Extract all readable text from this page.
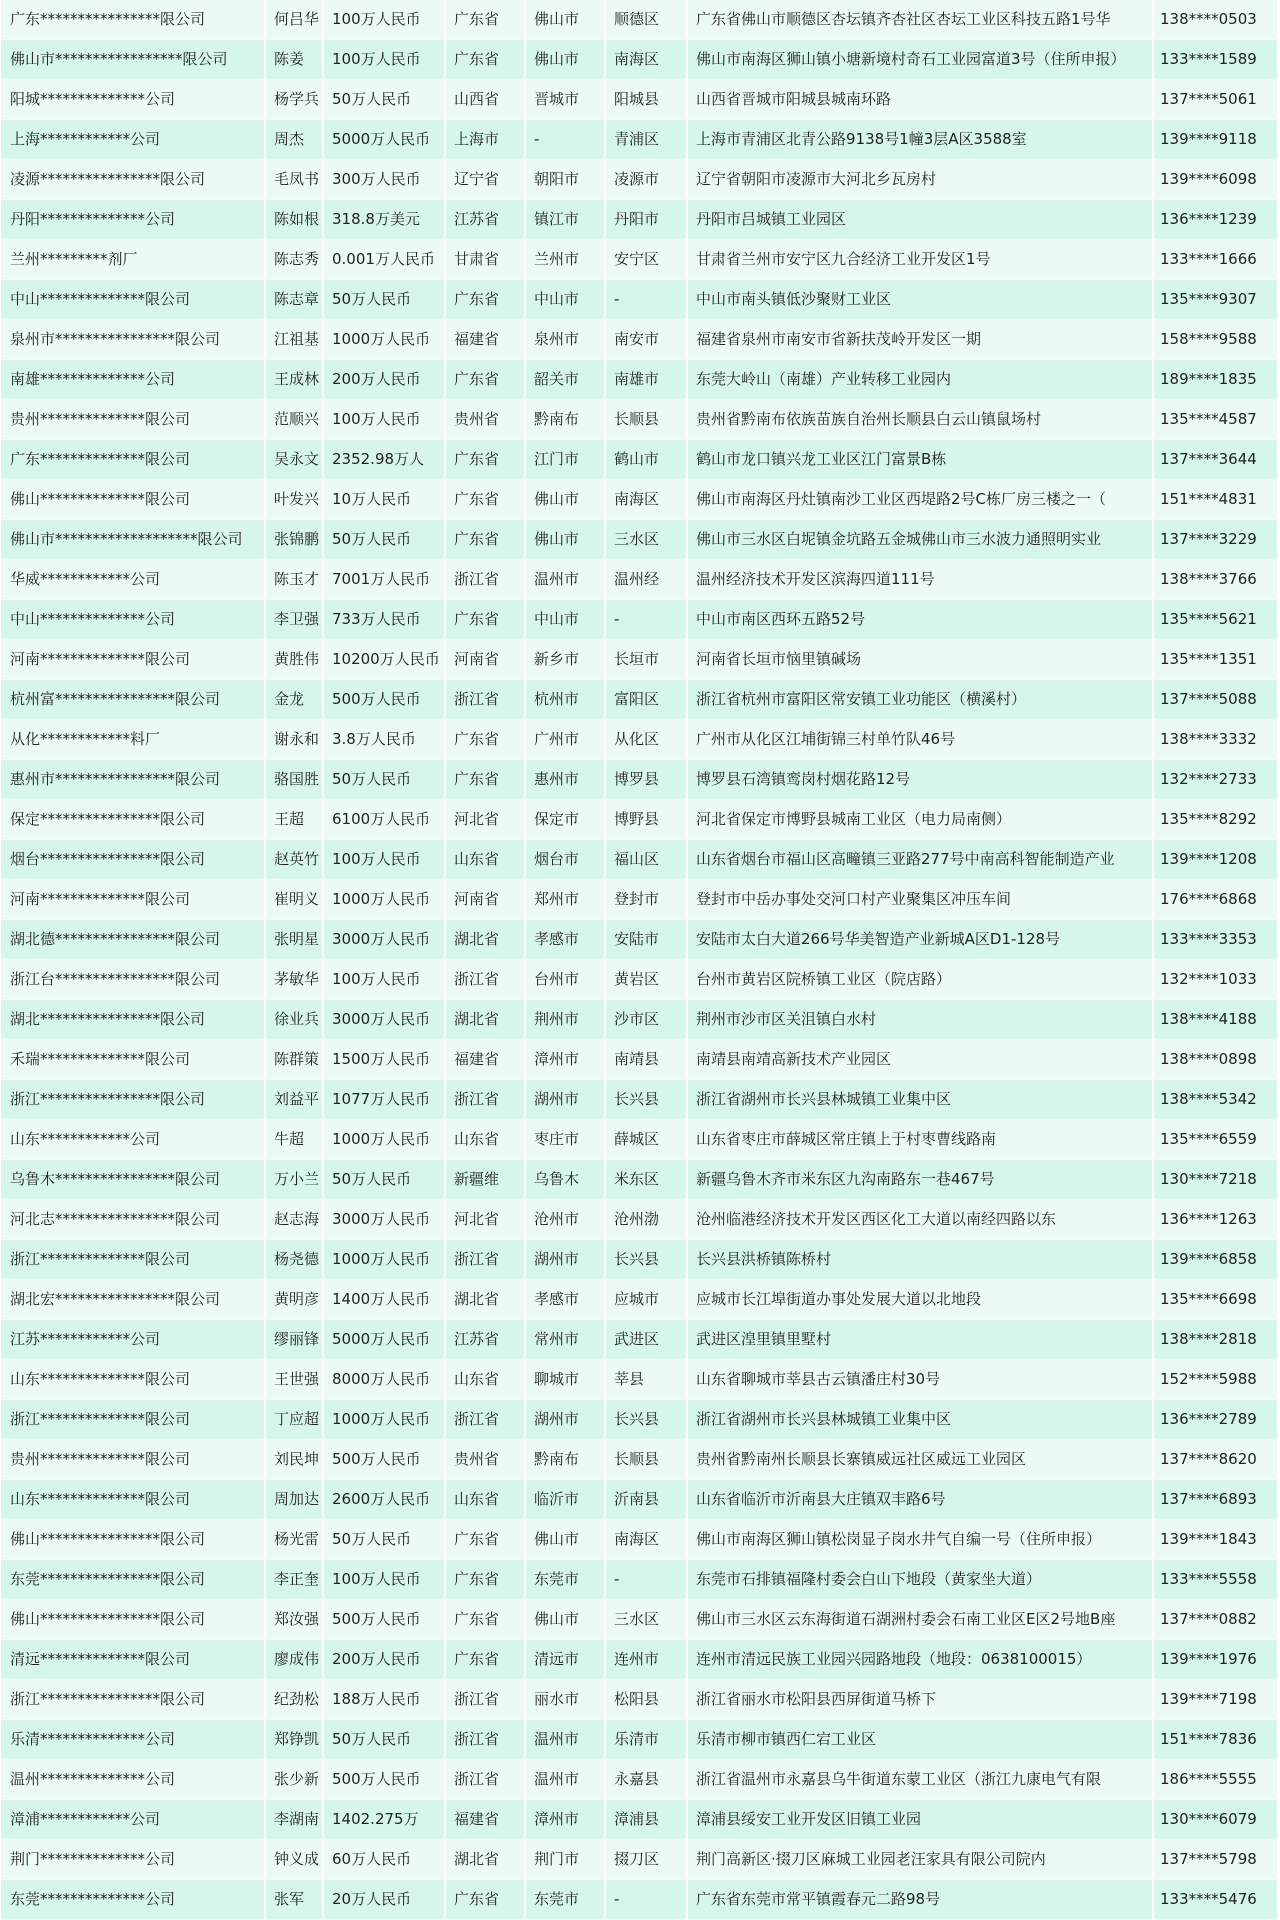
广东****************限公司	何吕华	100万人民币	广东省	佛山市	顺德区	广东省佛山市顺德区杏坛镇齐杏社区杏坛工业区科技五路1号华	138****0503
佛山市*****************限公司	陈姜	100万人民币	广东省	佛山市	南海区	佛山市南海区狮山镇小塘新境村奇石工业园富道3号（住所申报）	133****1589
阳城**************公司	杨学兵	50万人民币	山西省	晋城市	阳城县	山西省晋城市阳城县城南环路	137****5061
上海************公司	周杰	5000万人民币	上海市	-	青浦区	上海市青浦区北青公路9138号1幢3层A区3588室	139****9118
凌源****************限公司	毛凤书	300万人民币	辽宁省	朝阳市	凌源市	辽宁省朝阳市凌源市大河北乡瓦房村	139****6098
丹阳**************公司	陈如根	318.8万美元	江苏省	镇江市	丹阳市	丹阳市吕城镇工业园区	136****1239
兰州*********剂厂	陈志秀	0.001万人民币	甘肃省	兰州市	安宁区	甘肃省兰州市安宁区九合经济工业开发区1号	133****1666
中山**************限公司	陈志章	50万人民币	广东省	中山市	-	中山市南头镇低沙聚财工业区	135****9307
泉州市****************限公司	江祖基	1000万人民币	福建省	泉州市	南安市	福建省泉州市南安市省新扶茂岭开发区一期	158****9588
南雄**************公司	王成林	200万人民币	广东省	韶关市	南雄市	东莞大岭山（南雄）产业转移工业园内	189****1835
贵州**************限公司	范顺兴	100万人民币	贵州省	黔南布	长顺县	贵州省黔南布依族苗族自治州长顺县白云山镇鼠场村	135****4587
广东**************限公司	吴永文	2352.98万人	广东省	江门市	鹤山市	鹤山市龙口镇兴龙工业区江门富景B栋	137****3644
佛山**************限公司	叶发兴	10万人民币	广东省	佛山市	南海区	佛山市南海区丹灶镇南沙工业区西堤路2号C栋厂房三楼之一（	151****4831
佛山市*******************限公司	张锦鹏	50万人民币	广东省	佛山市	三水区	佛山市三水区白坭镇金坑路五金城佛山市三水波力通照明实业	137****3229
华威************公司	陈玉才	7001万人民币	浙江省	温州市	温州经	温州经济技术开发区滨海四道111号	138****3766
中山**************公司	李卫强	733万人民币	广东省	中山市	-	中山市南区西环五路52号	135****5621
河南**************限公司	黄胜伟	10200万人民币	河南省	新乡市	长垣市	河南省长垣市恼里镇碱场	135****1351
杭州富****************限公司	金龙	500万人民币	浙江省	杭州市	富阳区	浙江省杭州市富阳区常安镇工业功能区（横溪村）	137****5088
从化************料厂	谢永和	3.8万人民币	广东省	广州市	从化区	广州市从化区江埔街锦三村单竹队46号	138****3332
惠州市****************限公司	骆国胜	50万人民币	广东省	惠州市	博罗县	博罗县石湾镇鸾岗村烟花路12号	132****2733
保定****************限公司	王超	6100万人民币	河北省	保定市	博野县	河北省保定市博野县城南工业区（电力局南侧）	135****8292
烟台****************限公司	赵英竹	100万人民币	山东省	烟台市	福山区	山东省烟台市福山区高疃镇三亚路277号中南高科智能制造产业	139****1208
河南**************限公司	崔明义	1000万人民币	河南省	郑州市	登封市	登封市中岳办事处交河口村产业聚集区冲压车间	176****6868
湖北德****************限公司	张明星	3000万人民币	湖北省	孝感市	安陆市	安陆市太白大道266号华美智造产业新城A区D1-128号	133****3353
浙江台****************限公司	茅敏华	100万人民币	浙江省	台州市	黄岩区	台州市黄岩区院桥镇工业区（院店路）	132****1033
湖北****************限公司	徐业兵	3000万人民币	湖北省	荆州市	沙市区	荆州市沙市区关沮镇白水村	138****4188
禾瑞**************限公司	陈群策	1500万人民币	福建省	漳州市	南靖县	南靖县南靖高新技术产业园区	138****0898
浙江****************限公司	刘益平	1077万人民币	浙江省	湖州市	长兴县	浙江省湖州市长兴县林城镇工业集中区	138****5342
山东************公司	牛超	1000万人民币	山东省	枣庄市	薛城区	山东省枣庄市薛城区常庄镇上于村枣曹线路南	135****6559
乌鲁木****************限公司	万小兰	50万人民币	新疆维	乌鲁木	米东区	新疆乌鲁木齐市米东区九沟南路东一巷467号	130****7218
河北志****************限公司	赵志海	3000万人民币	河北省	沧州市	沧州渤	沧州临港经济技术开发区西区化工大道以南经四路以东	136****1263
浙江**************限公司	杨尧德	1000万人民币	浙江省	湖州市	长兴县	长兴县洪桥镇陈桥村	139****6858
湖北宏****************限公司	黄明彦	1400万人民币	湖北省	孝感市	应城市	应城市长江埠街道办事处发展大道以北地段	135****6698
江苏************公司	缪丽锋	5000万人民币	江苏省	常州市	武进区	武进区湟里镇里墅村	138****2818
山东**************限公司	王世强	8000万人民币	山东省	聊城市	莘县	山东省聊城市莘县古云镇潘庄村30号	152****5988
浙江**************限公司	丁应超	1000万人民币	浙江省	湖州市	长兴县	浙江省湖州市长兴县林城镇工业集中区	136****2789
贵州**************限公司	刘民坤	500万人民币	贵州省	黔南布	长顺县	贵州省黔南州长顺县长寨镇威远社区威远工业园区	137****8620
山东**************限公司	周加达	2600万人民币	山东省	临沂市	沂南县	山东省临沂市沂南县大庄镇双丰路6号	137****6893
佛山****************限公司	杨光雷	50万人民币	广东省	佛山市	南海区	佛山市南海区狮山镇松岗显子岗水井气自编一号（住所申报）	139****1843
东莞****************限公司	李正奎	100万人民币	广东省	东莞市	-	东莞市石排镇福隆村委会白山下地段（黄家坐大道）	133****5558
佛山****************限公司	郑汝强	500万人民币	广东省	佛山市	三水区	佛山市三水区云东海街道石湖洲村委会石南工业区E区2号地B座	137****0882
清远**************限公司	廖成伟	200万人民币	广东省	清远市	连州市	连州市清远民族工业园兴园路地段（地段：0638100015）	139****1976
浙江****************限公司	纪劲松	188万人民币	浙江省	丽水市	松阳县	浙江省丽水市松阳县西屏街道马桥下	139****7198
乐清**************公司	郑铮凯	50万人民币	浙江省	温州市	乐清市	乐清市柳市镇西仁宕工业区	151****7836
温州**************公司	张少新	500万人民币	浙江省	温州市	永嘉县	浙江省温州市永嘉县乌牛街道东蒙工业区（浙江九康电气有限	186****5555
漳浦************公司	李湖南	1402.275万	福建省	漳州市	漳浦县	漳浦县绥安工业开发区旧镇工业园	130****6079
荆门**************公司	钟义成	60万人民币	湖北省	荆门市	掇刀区	荆门高新区·掇刀区麻城工业园老汪家具有限公司院内	137****5798
东莞**************公司	张军	20万人民币	广东省	东莞市	-	广东省东莞市常平镇霞春元二路98号	133****5476
